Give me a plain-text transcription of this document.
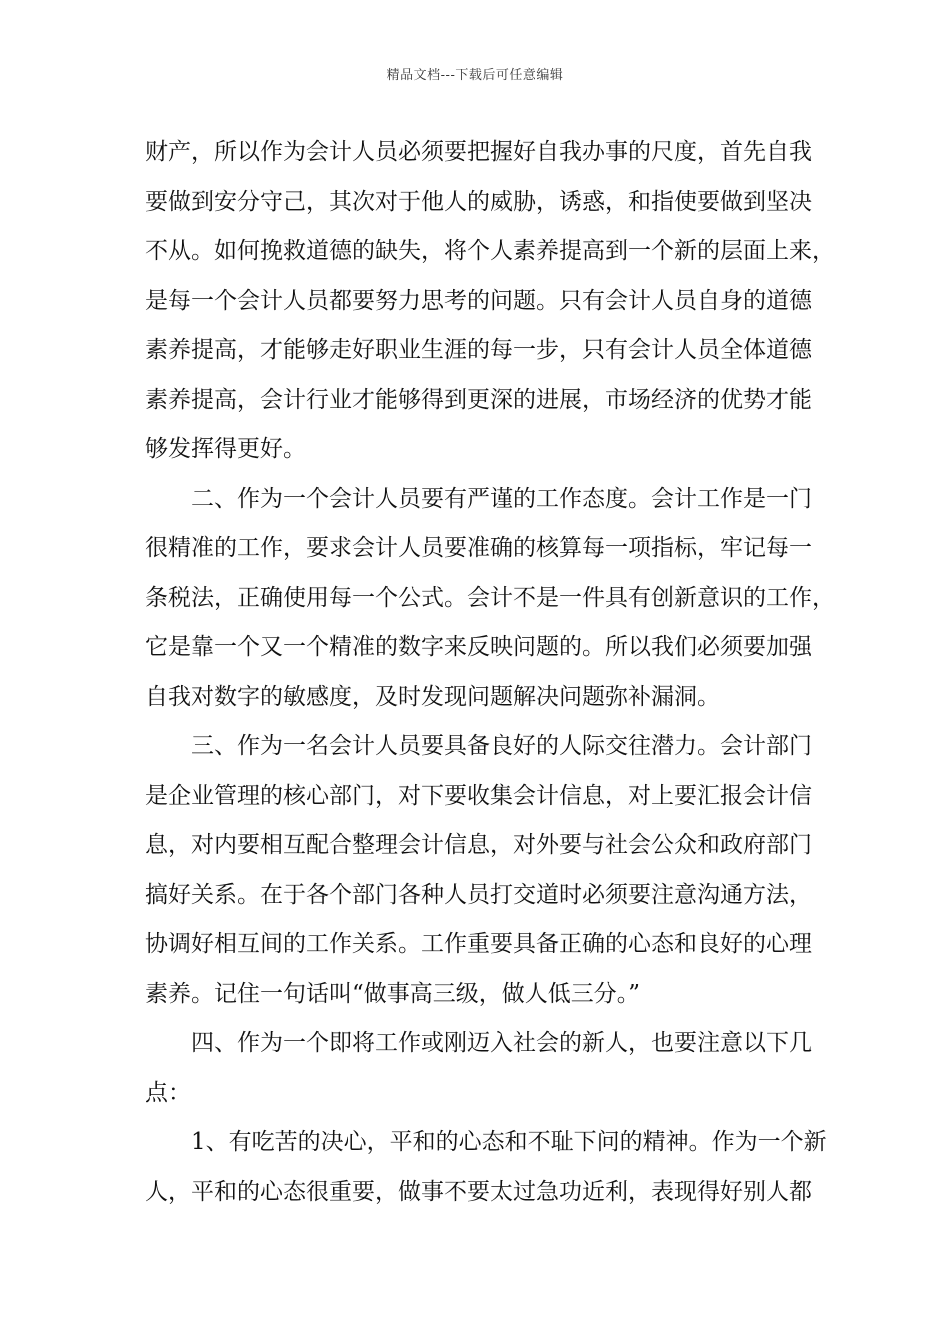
精品文档---下载后可任意编辑
财产，所以作为会计人员必须要把握好自我办事的尺度，首先自我
要做到安分守己，其次对于他人的威胁，诱惑，和指使要做到坚决
不从。如何挽救道德的缺失，将个人素养提高到一个新的层面上来，
是每一个会计人员都要努力思考的问题。只有会计人员自身的道德
素养提高，才能够走好职业生涯的每一步，只有会计人员全体道德
素养提高，会计行业才能够得到更深的进展，市场经济的优势才能
够发挥得更好。
二、作为一个会计人员要有严谨的工作态度。会计工作是一门
很精准的工作，要求会计人员要准确的核算每一项指标，牢记每一
条税法，正确使用每一个公式。会计不是一件具有创新意识的工作，
它是靠一个又一个精准的数字来反映问题的。所以我们必须要加强
自我对数字的敏感度，及时发现问题解决问题弥补漏洞。
三、作为一名会计人员要具备良好的人际交往潜力。会计部门
是企业管理的核心部门，对下要收集会计信息，对上要汇报会计信
息，对内要相互配合整理会计信息，对外要与社会公众和政府部门
搞好关系。在于各个部门各种人员打交道时必须要注意沟通方法，
协调好相互间的工作关系。工作重要具备正确的心态和良好的心理
素养。记住一句话叫“做事高三级，做人低三分。”
四、作为一个即将工作或刚迈入社会的新人，也要注意以下几
点：
1、有吃苦的决心，平和的心态和不耻下问的精神。作为一个新
人，平和的心态很重要，做事不要太过急功近利，表现得好别人都
